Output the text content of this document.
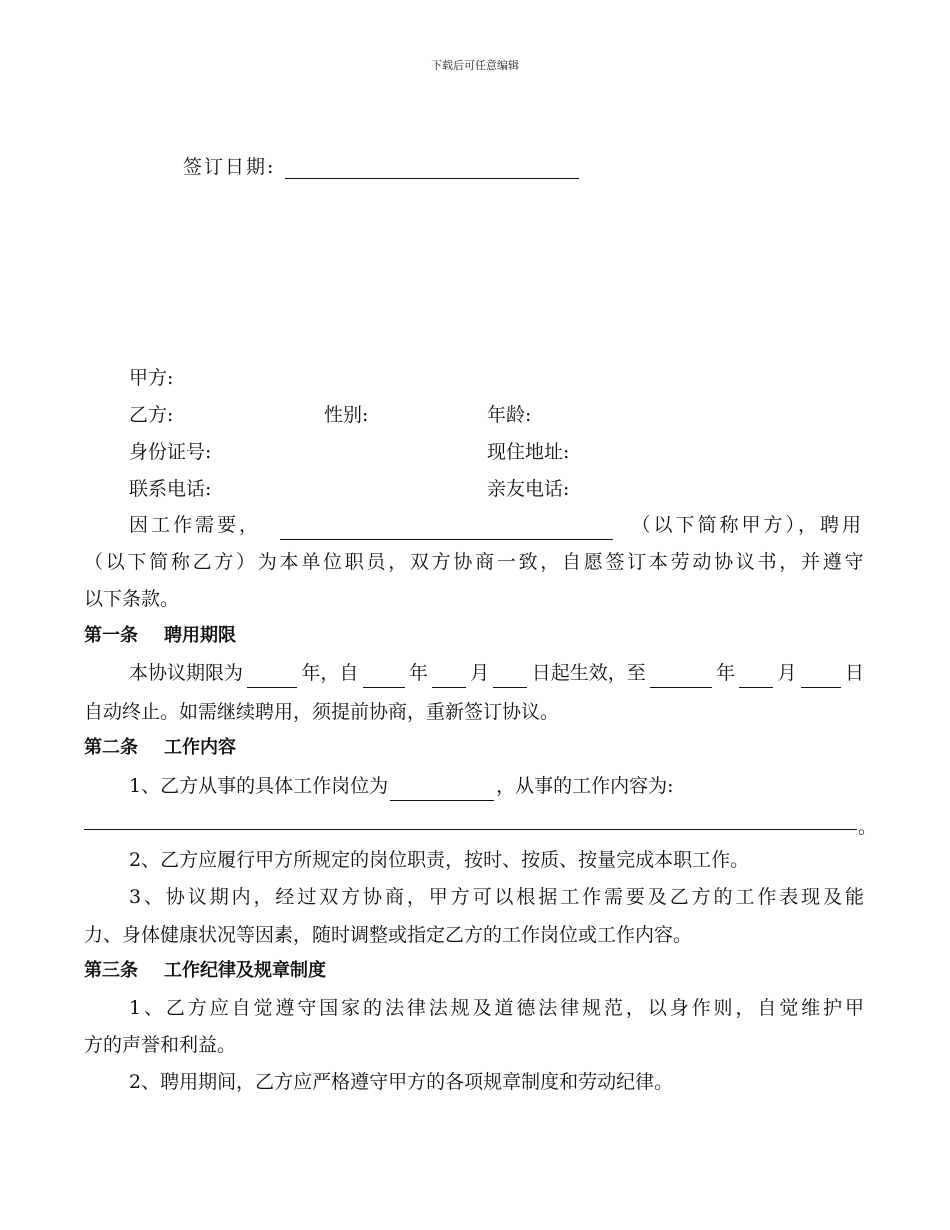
下载后可任意编辑
签订日期:
甲方:
乙方:	性别:	年龄:
身份证号:	现住地址:
联系电话:	亲友电话:
因工作需要，	（以下简称甲方），聘用
（以下简称乙方）为本单位职员，双方协商一致，自愿签订本劳动协议书，并遵守
以下条款。
第一条 聘用期限
本协议期限为	年，自	年 月 日起生效，至	年 月	日
自动终止。如需继续聘用，须提前协商，重新签订协议。
第二条 工作内容
1、乙方从事的具体工作岗位为	，从事的工作内容为:
。
2、乙方应履行甲方所规定的岗位职责，按时、按质、按量完成本职工作。
3、协议期内，经过双方协商，甲方可以根据工作需要及乙方的工作表现及能
力、身体健康状况等因素，随时调整或指定乙方的工作岗位或工作内容。
第三条 工作纪律及规章制度
1、乙方应自觉遵守国家的法律法规及道德法律规范，以身作则，自觉维护甲
方的声誉和利益。
2、聘用期间，乙方应严格遵守甲方的各项规章制度和劳动纪律。
